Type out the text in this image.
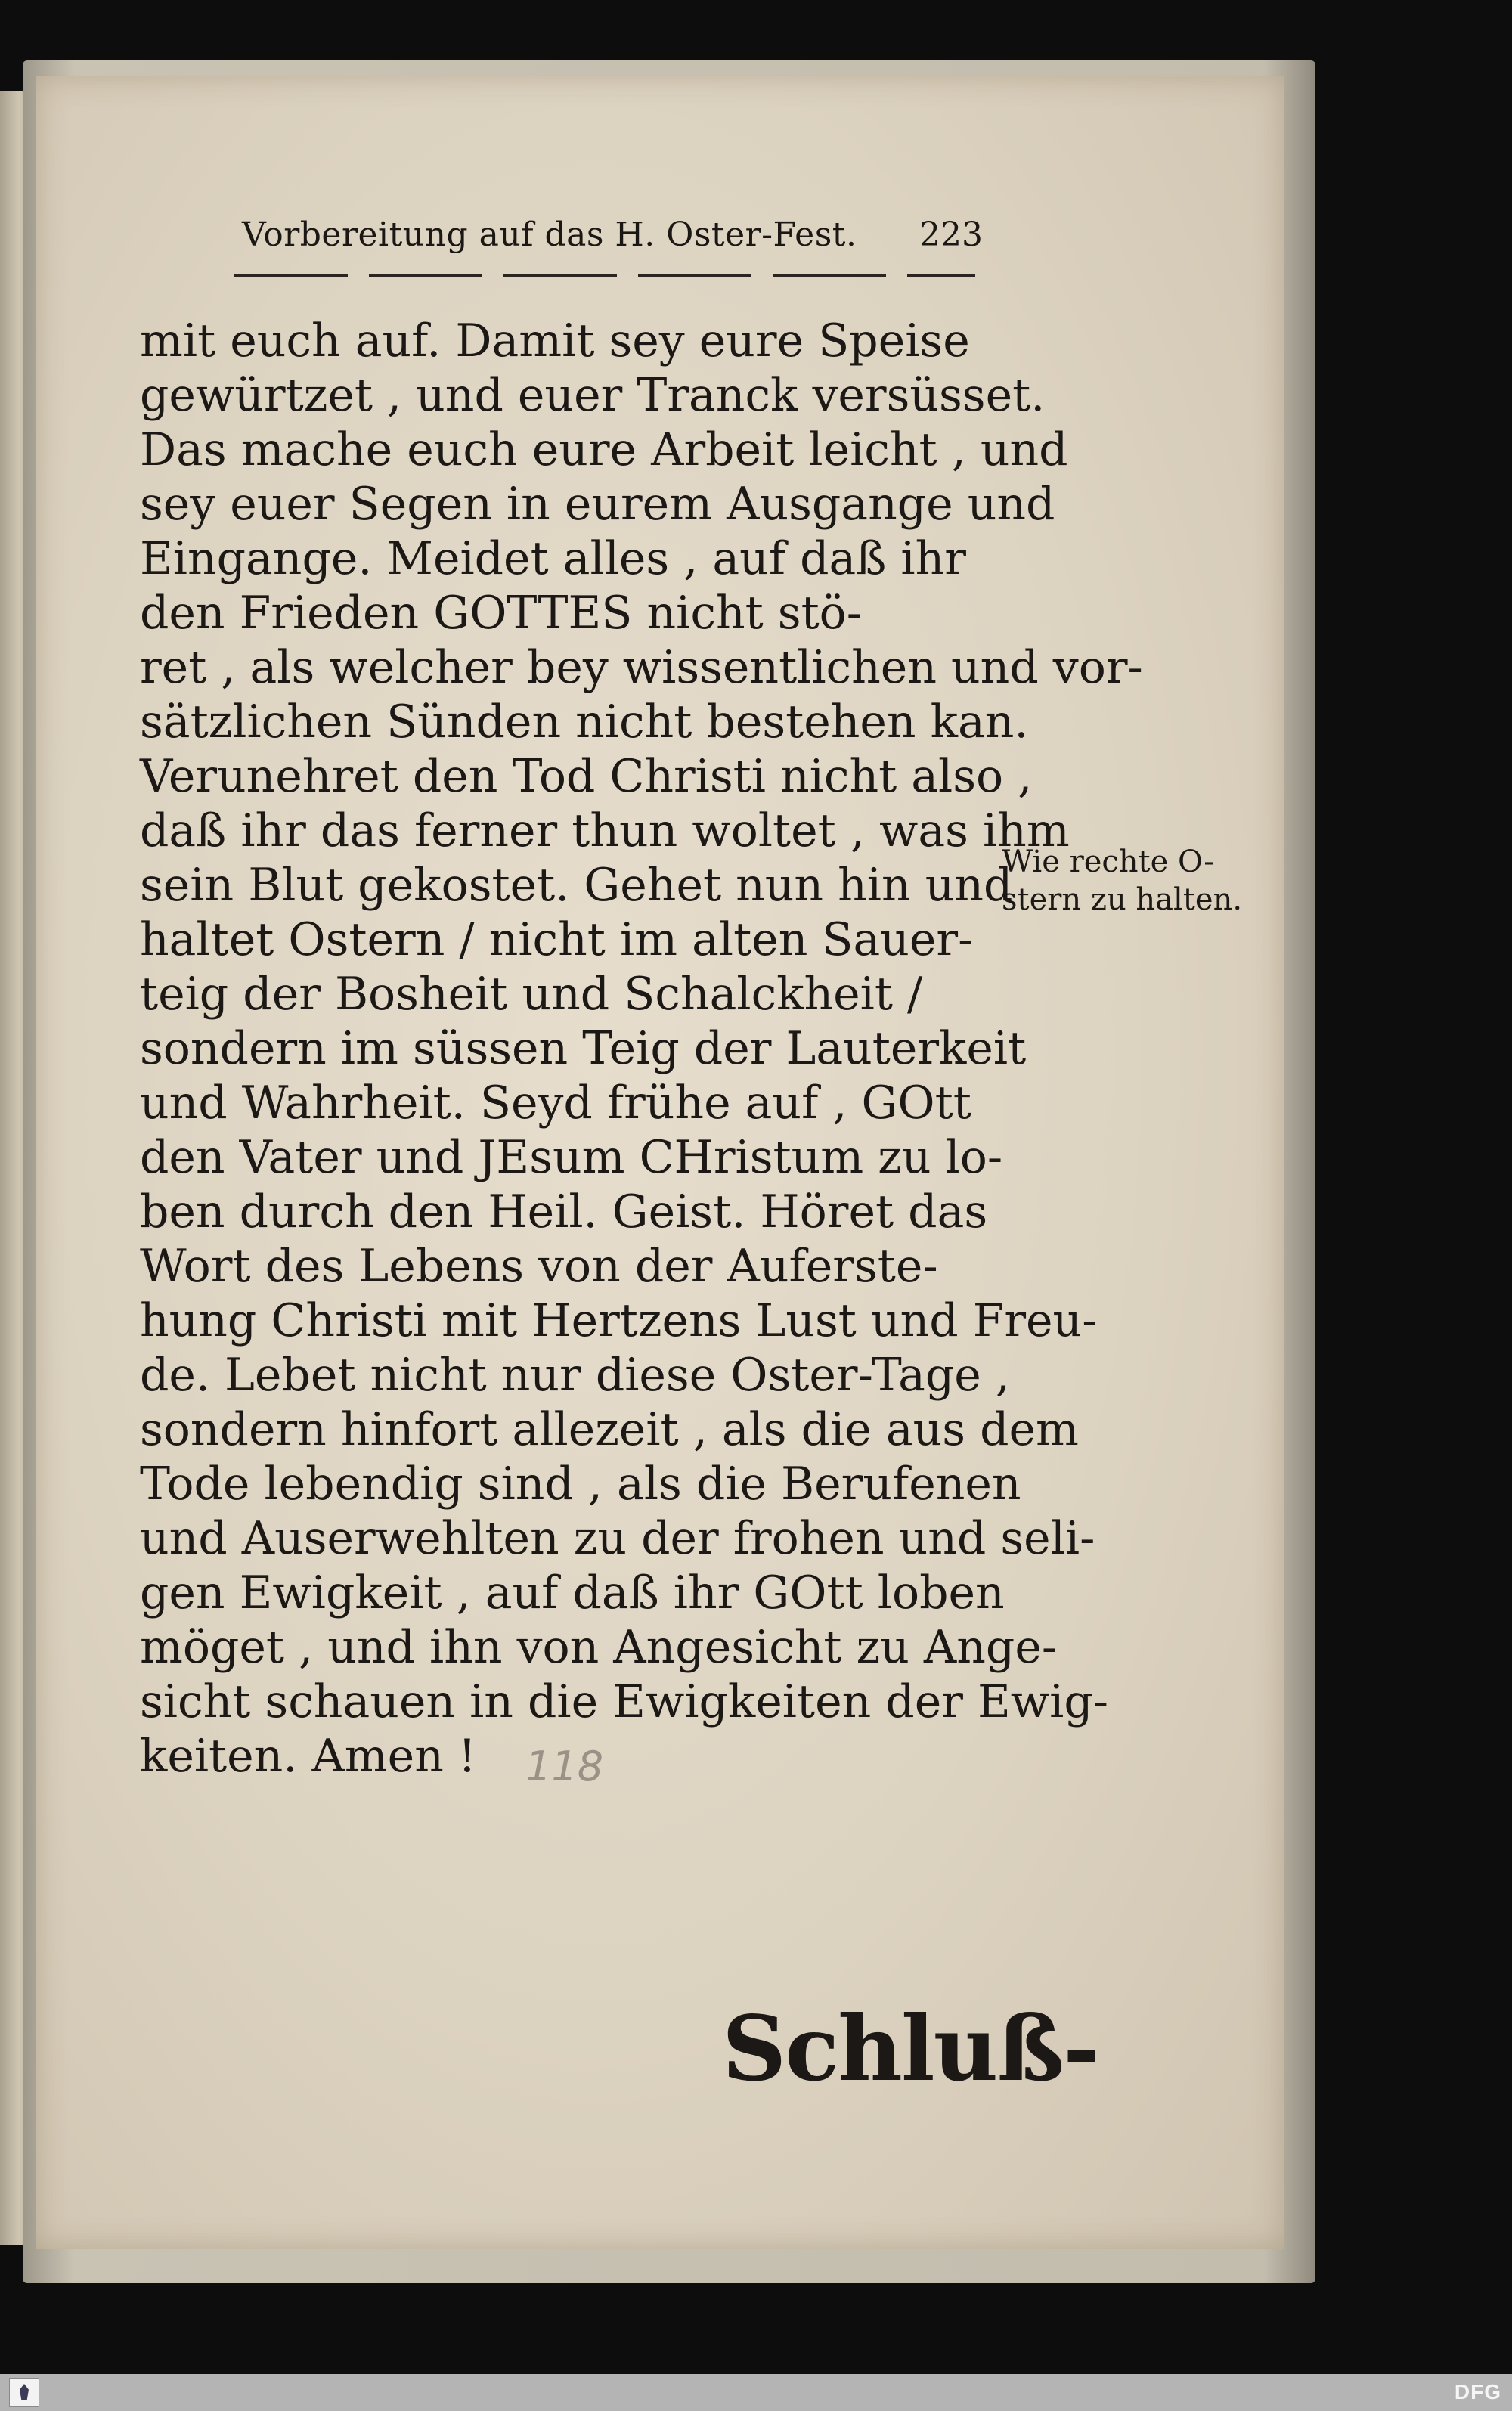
Vorbereitung auf das H. Oster-Fest. 223
mit euch auf. Damit sey eure Speise
gewürtzet , und euer Tranck versüsset.
Das mache euch eure Arbeit leicht , und
sey euer Segen in eurem Ausgange und
Eingange. Meidet alles , auf daß ihr
den Frieden GOTTES nicht stö-
ret , als welcher bey wissentlichen und vor-
sätzlichen Sünden nicht bestehen kan.
Verunehret den Tod Christi nicht also ,
daß ihr das ferner thun woltet , was ihm
sein Blut gekostet. Gehet nun hin und
haltet Ostern / nicht im alten Sauer-
teig der Bosheit und Schalckheit /
sondern im süssen Teig der Lauterkeit
und Wahrheit. Seyd frühe auf , GOtt
den Vater und JEsum CHristum zu lo-
ben durch den Heil. Geist. Höret das
Wort des Lebens von der Auferste-
hung Christi mit Hertzens Lust und Freu-
de. Lebet nicht nur diese Oster-Tage ,
sondern hinfort allezeit , als die aus dem
Tode lebendig sind , als die Berufenen
und Auserwehlten zu der frohen und seli-
gen Ewigkeit , auf daß ihr GOtt loben
möget , und ihn von Angesicht zu Ange-
sicht schauen in die Ewigkeiten der Ewig-
keiten. Amen !
Wie rechte O-
stern zu halten.
118
Schluß-
DFG
